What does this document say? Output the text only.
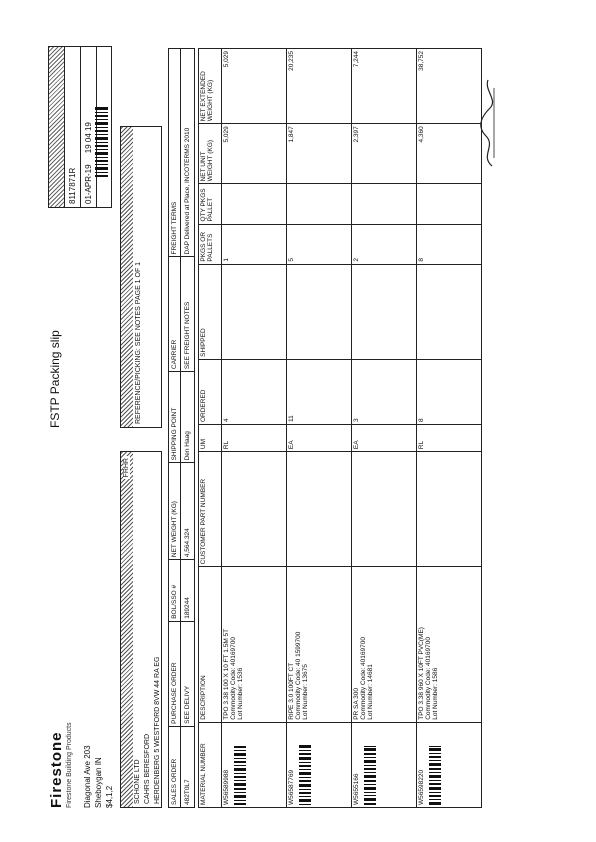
Firestone Firestone Building Products Diagonal Ave 203 Sheboygan IN $4,1,2
FSTP Packing slip
8117871R 01-APR-19     19 04 19
FRHR
SCHONE LTD CAHRS BERESFORD HERDENBERG 5 WESTFORD 8VW 44 RA EG
REFERENCE/PICKING: SEE NOTES PAGE 1 OF 1
SALES ORDER	PURCHASE ORDER	BOL/SSO #	NET WEIGHT (KG)	SHIPPING POINT	CARRIER	FREIGHT TERMS
482T0L7	SEE DELIVY	189244	4,564.324	Den Haag	SEE FREIGHT NOTES	DAP Delivered at Place, INCOTERMS 2010
MATERIAL NUMBER	DESCRIPTION	CUSTOMER PART NUMBER	UM	ORDERED	SHIPPED	PKGS OR PALLETS	QTY PKGS PALLET	NET UNIT WEIGHT (KG)	NET EXTENDED WEIGHT (KG)
W56589988	TPO 3.38 100 X 10 FT 1.5M 5T Commodity Code: 40169700 Lot Number: 1536		RL	4		1		5,029	5,029
W56587769	RIPE 3.0 100FT CT Commodity Code: 40 1599700 Lot Number: 13675		EA	11		5		1,847	20,235
W5655166	PR SA 300 Commodity Code: 40169700 Lot Number: 14681		EA	3		2		2,397	7,244
W56598220	TPO 3.38 960 X 10FT PVC(ME) Commodity Code: 40169700 Lot Number: 1586		RL	8		8		4,360	38,752
